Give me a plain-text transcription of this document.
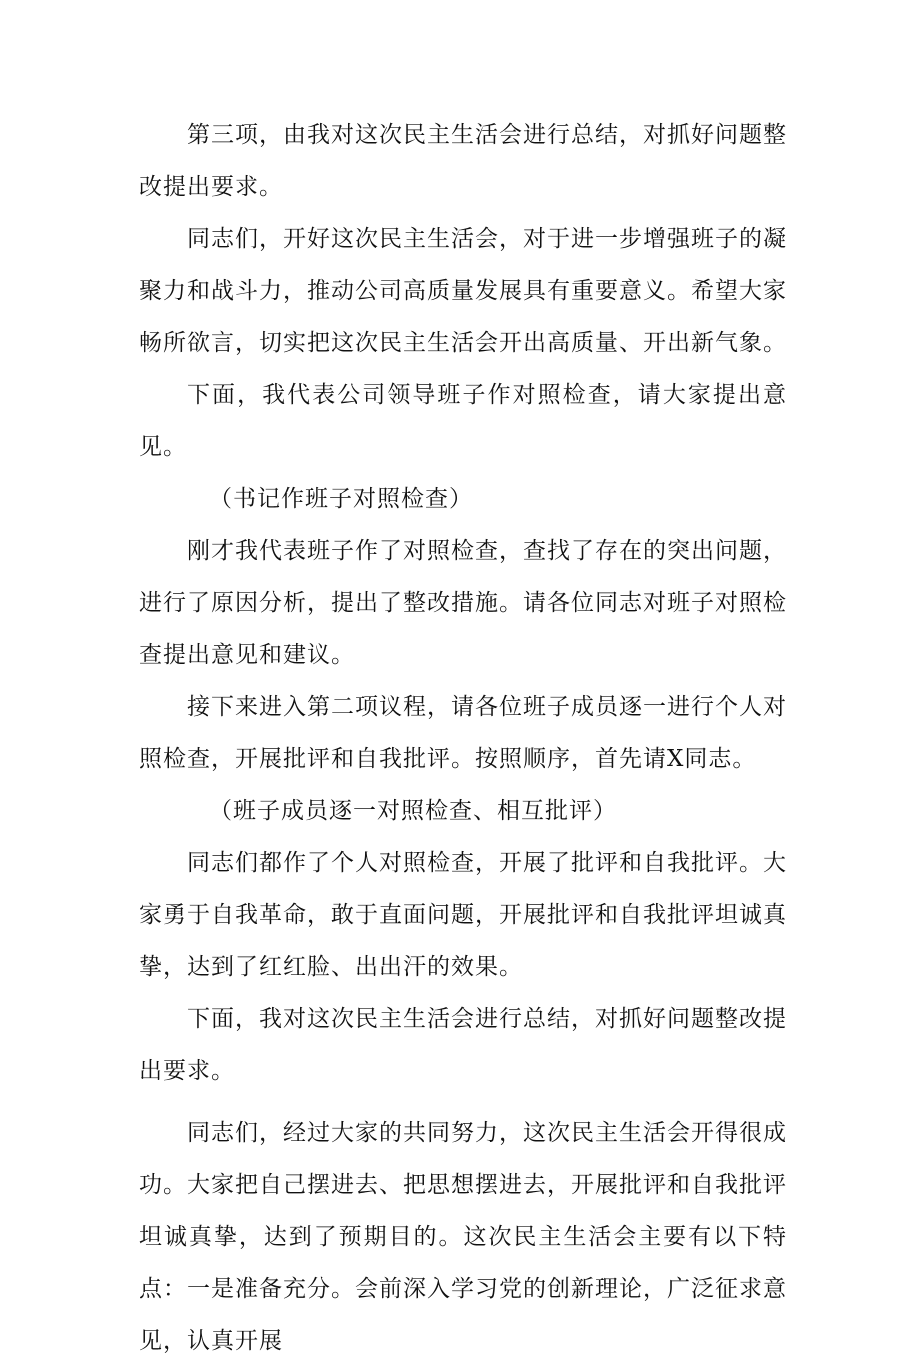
第三项，由我对这次民主生活会进行总结，对抓好问题整改提出要求。

同志们，开好这次民主生活会，对于进一步增强班子的凝聚力和战斗力，推动公司高质量发展具有重要意义。希望大家畅所欲言，切实把这次民主生活会开出高质量、开出新气象。

下面，我代表公司领导班子作对照检查，请大家提出意见。

（书记作班子对照检查）

刚才我代表班子作了对照检查，查找了存在的突出问题，进行了原因分析，提出了整改措施。请各位同志对班子对照检查提出意见和建议。

接下来进入第二项议程，请各位班子成员逐一进行个人对照检查，开展批评和自我批评。按照顺序，首先请X同志。

（班子成员逐一对照检查、相互批评）

同志们都作了个人对照检查，开展了批评和自我批评。大家勇于自我革命，敢于直面问题，开展批评和自我批评坦诚真挚，达到了红红脸、出出汗的效果。

下面，我对这次民主生活会进行总结，对抓好问题整改提出要求。

同志们，经过大家的共同努力，这次民主生活会开得很成功。大家把自己摆进去、把思想摆进去，开展批评和自我批评坦诚真挚，达到了预期目的。这次民主生活会主要有以下特点：一是准备充分。会前深入学习党的创新理论，广泛征求意见，认真开展
